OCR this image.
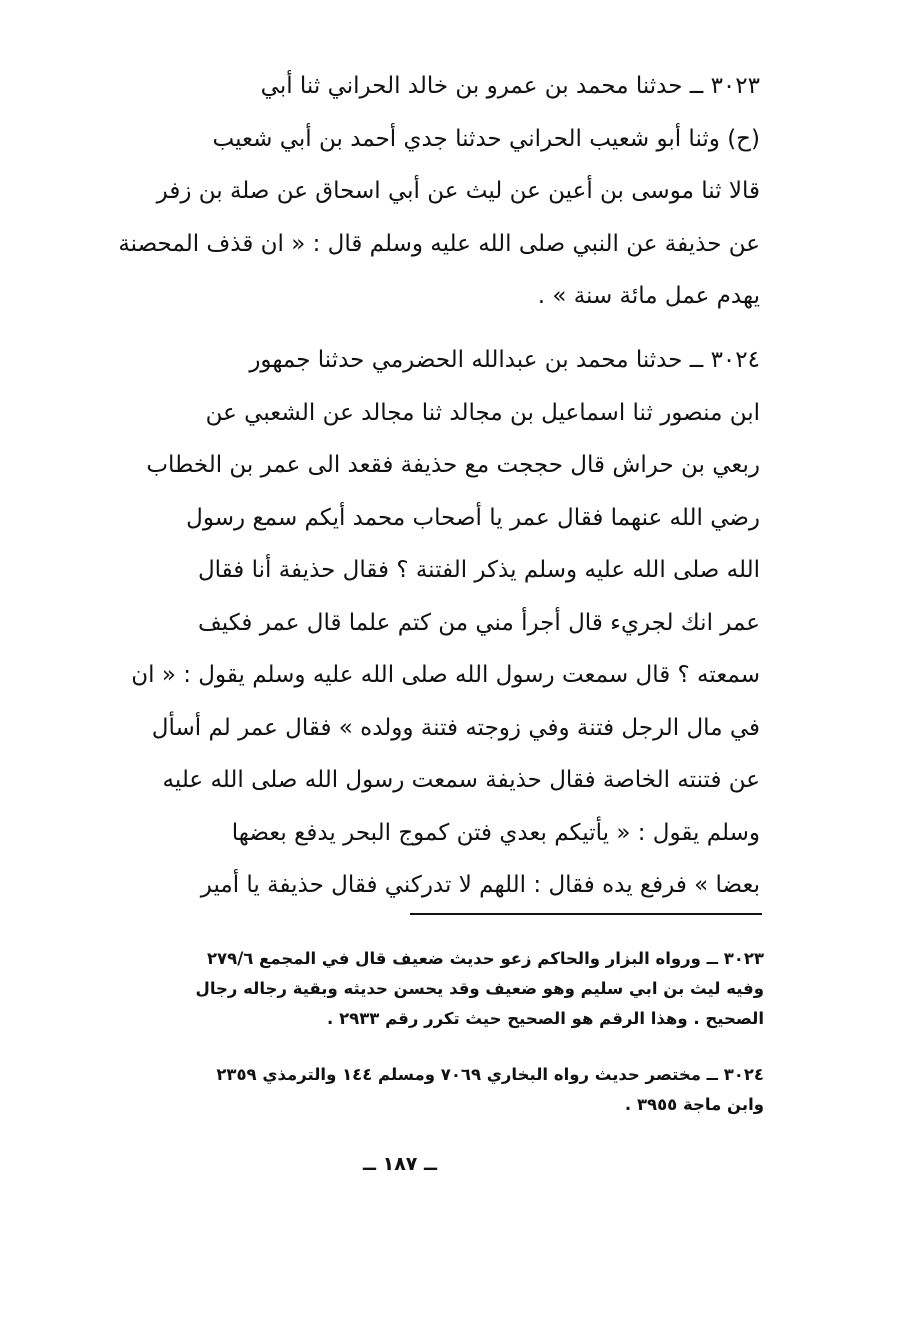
٣٠٢٣ ــ حدثنا محمد بن عمرو بن خالد الحراني ثنا أبي
(ح) وثنا أبو شعيب الحراني حدثنا جدي أحمد بن أبي شعيب
قالا ثنا موسى بن أعين عن ليث عن أبي اسحاق عن صلة بن زفر
عن حذيفة عن النبي صلى الله عليه وسلم قال : « ان قذف المحصنة
يهدم عمل مائة سنة » .
٣٠٢٤ ــ حدثنا محمد بن عبدالله الحضرمي حدثنا جمهور
ابن منصور ثنا اسماعيل بن مجالد ثنا مجالد عن الشعبي عن
ربعي بن حراش قال حججت مع حذيفة فقعد الى عمر بن الخطاب
رضي الله عنهما فقال عمر يا أصحاب محمد أيكم سمع رسول
الله صلى الله عليه وسلم يذكر الفتنة ؟ فقال حذيفة أنا فقال
عمر انك لجريء قال أجرأ مني من كتم علما قال عمر فكيف
سمعته ؟ قال سمعت رسول الله صلى الله عليه وسلم يقول : « ان
في مال الرجل فتنة وفي زوجته فتنة وولده » فقال عمر لم أسأل
عن فتنته الخاصة فقال حذيفة سمعت رسول الله صلى الله عليه
وسلم يقول : « يأتيكم بعدي فتن كموج البحر يدفع بعضها
بعضا » فرفع يده فقال : اللهم لا تدركني فقال حذيفة يا أمير
٣٠٢٣ ــ ورواه البزار والحاكم زعو حديث ضعيف قال في المجمع ٢٧٩/٦
وفيه ليث بن ابي سليم وهو ضعيف وقد يحسن حديثه وبقية رجاله رجال
الصحيح . وهذا الرقم هو الصحيح حيث تكرر رقم ٢٩٣٣ .
٣٠٢٤ ــ مختصر حديث رواه البخاري ٧٠٦٩ ومسلم ١٤٤ والترمذي ٢٣٥٩
وابن ماجة ٣٩٥٥ .
ــ ١٨٧ ــ
